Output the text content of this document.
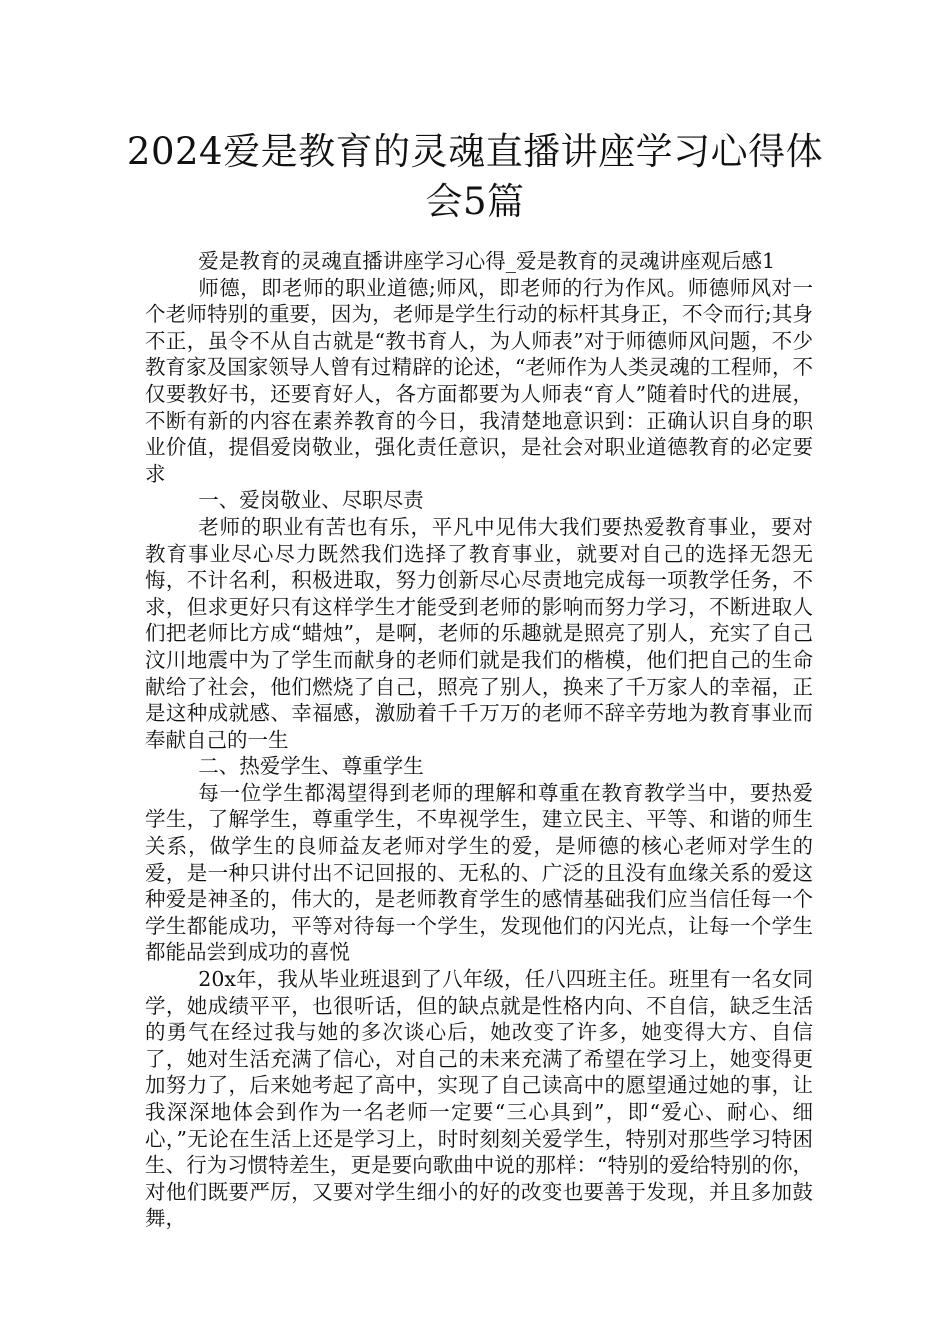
2024爱是教育的灵魂直播讲座学习心得体会5篇

爱是教育的灵魂直播讲座学习心得_爱是教育的灵魂讲座观后感1

师德，即老师的职业道德;师风，即老师的行为作风。师德师风对一个老师特别的重要，因为，老师是学生行动的标杆其身正，不令而行;其身不正，虽令不从自古就是“教书育人，为人师表”对于师德师风问题，不少教育家及国家领导人曾有过精辟的论述，“老师作为人类灵魂的工程师，不仅要教好书，还要育好人，各方面都要为人师表“育人”随着时代的进展，不断有新的内容在素养教育的今日，我清楚地意识到：正确认识自身的职业价值，提倡爱岗敬业，强化责任意识，是社会对职业道德教育的必定要求

一、爱岗敬业、尽职尽责

老师的职业有苦也有乐，平凡中见伟大我们要热爱教育事业，要对教育事业尽心尽力既然我们选择了教育事业，就要对自己的选择无怨无悔，不计名利，积极进取，努力创新尽心尽责地完成每一项教学任务，不求，但求更好只有这样学生才能受到老师的影响而努力学习，不断进取人们把老师比方成“蜡烛”，是啊，老师的乐趣就是照亮了别人，充实了自己汶川地震中为了学生而献身的老师们就是我们的楷模，他们把自己的生命献给了社会，他们燃烧了自己，照亮了别人，换来了千万家人的幸福，正是这种成就感、幸福感，激励着千千万万的老师不辞辛劳地为教育事业而奉献自己的一生

二、热爱学生、尊重学生

每一位学生都渴望得到老师的理解和尊重在教育教学当中，要热爱学生，了解学生，尊重学生，不卑视学生，建立民主、平等、和谐的师生关系，做学生的良师益友老师对学生的爱，是师德的核心老师对学生的爱，是一种只讲付出不记回报的、无私的、广泛的且没有血缘关系的爱这种爱是神圣的，伟大的，是老师教育学生的感情基础我们应当信任每一个学生都能成功，平等对待每一个学生，发现他们的闪光点，让每一个学生都能品尝到成功的喜悦

20x年，我从毕业班退到了八年级，任八四班主任。班里有一名女同学，她成绩平平，也很听话，但的缺点就是性格内向、不自信，缺乏生活的勇气在经过我与她的多次谈心后，她改变了许多，她变得大方、自信了，她对生活充满了信心，对自己的未来充满了希望在学习上，她变得更加努力了，后来她考起了高中，实现了自己读高中的愿望通过她的事，让我深深地体会到作为一名老师一定要“三心具到”，即“爱心、耐心、细心，”无论在生活上还是学习上，时时刻刻关爱学生，特别对那些学习特困生、行为习惯特差生，更是要向歌曲中说的那样：“特别的爱给特别的你，对他们既要严厉，又要对学生细小的好的改变也要善于发现，并且多加鼓舞，
